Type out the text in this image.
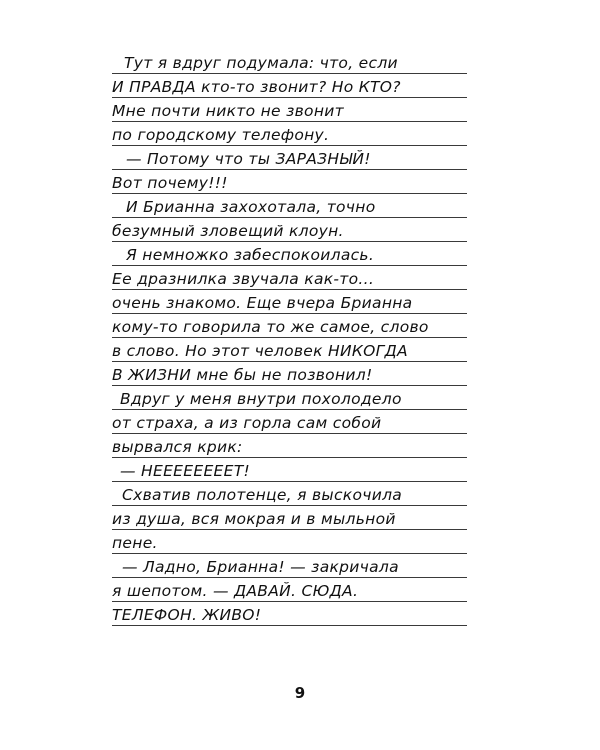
Тут я вдруг подумала: что, если
И ПРАВДА кто-то звонит? Но КТО?
Мне почти никто не звонит
по городскому телефону.
— Потому что ты ЗАРАЗНЫЙ!
Вот почему!!!
И Брианна захохотала, точно
безумный зловещий клоун.
Я немножко забеспокоилась.
Ее дразнилка звучала как-то...
очень знакомо. Еще вчера Брианна
кому-то говорила то же самое, слово
в слово. Но этот человек НИКОГДА
В ЖИЗНИ мне бы не позвонил!
Вдруг у меня внутри похолодело
от страха, а из горла сам собой
вырвался крик:
— НЕЕЕЕЕЕЕЕТ!
Схватив полотенце, я выскочила
из душа, вся мокрая и в мыльной
пене.
— Ладно, Брианна! — закричала
я шепотом. — ДАВАЙ. СЮДА.
ТЕЛЕФОН. ЖИВО!
9
